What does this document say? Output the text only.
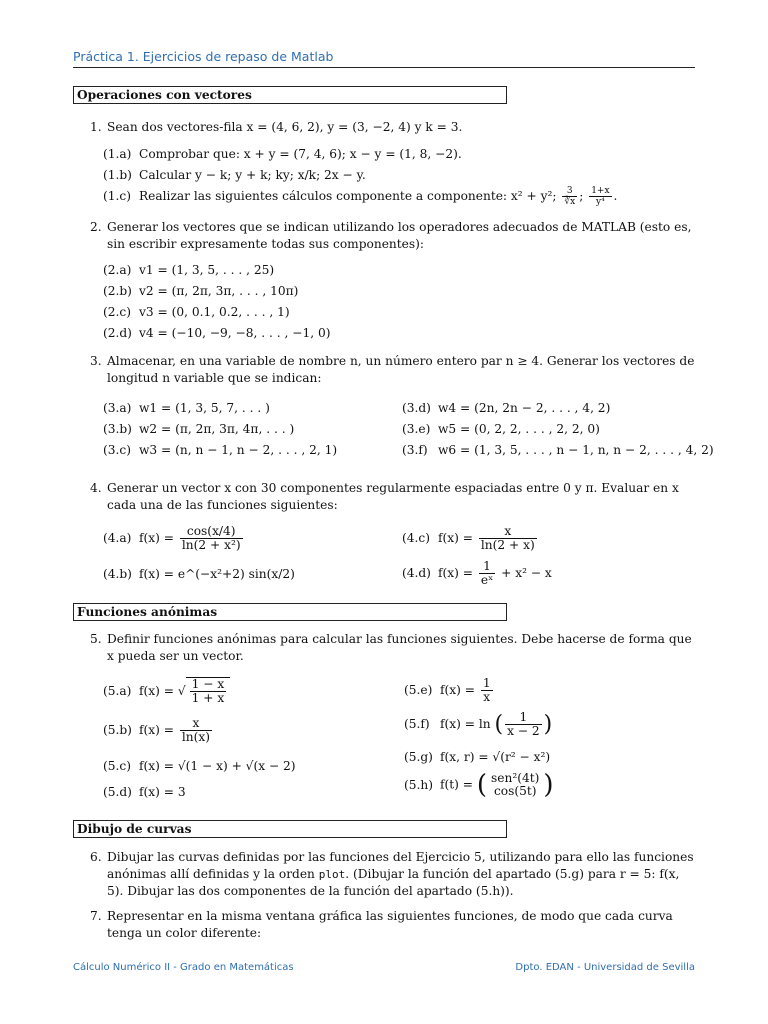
Práctica 1. Ejercicios de repaso de Matlab
Operaciones con vectores
1. Sean dos vectores-fila x = (4, 6, 2), y = (3, −2, 4) y k = 3.
(1.a) Comprobar que: x + y = (7, 4, 6); x − y = (1, 8, −2).
(1.b) Calcular y − k; y + k; ky; x/k; 2x − y.
(1.c) Realizar las siguientes cálculos componente a componente: x² + y²; $\frac{3}{∛x}$ ; $\frac{1+x}{\text{y⁴}}$ .
2. Generar los vectores que se indican utilizando los operadores adecuados de MATLAB (esto es, sin escribir expresamente todas sus componentes):
(2.a) v1 = (1, 3, 5, . . . , 25)
(2.b) v2 = (π, 2π, 3π, . . . , 10π)
(2.c) v3 = (0, 0.1, 0.2, . . . , 1)
(2.d) v4 = (−10, −9, −8, . . . , −1, 0)
3. Almacenar, en una variable de nombre n, un número entero par n ≥ 4. Generar los vectores de longitud n variable que se indican:
(3.a) w1 = (1, 3, 5, 7, . . . )
(3.b) w2 = (π, 2π, 3π, 4π, . . . )
(3.c) w3 = (n, n − 1, n − 2, . . . , 2, 1)
(3.d) w4 = (2n, 2n − 2, . . . , 4, 2)
(3.e) w5 = (0, 2, 2, . . . , 2, 2, 0)
(3.f) w6 = (1, 3, 5, . . . , n − 1, n, n − 2, . . . , 4, 2)
4. Generar un vector x con 30 componentes regularmente espaciadas entre 0 y π. Evaluar en x cada una de las funciones siguientes:
(4.a) $f(x) = \frac{\cos(x/4)}{\text{ln(2 + x²)}}$
(4.b) f(x) = e^(−x²+2) sin(x/2)
(4.c) $f(x) = \frac{x}{\ln(2 + x)}$
(4.d) $f(x) = \frac{1}{\text{eˣ}} + x^2 - x$
Funciones anónimas
5. Definir funciones anónimas para calcular las funciones siguientes. Debe hacerse de forma que x pueda ser un vector.
(5.a) f(x) = √ $\frac{1 - x}{1 + x}$
(5.b) $f(x) = \frac{x}{\ln(x)}$
(5.c) f(x) = √(1 − x) + √(x − 2)
(5.d) f(x) = 3
(5.e) $f(x) = \frac{1}{x}$
(5.f) f(x) = ln ( $\frac{1}{x - 2}$ )
(5.g) f(x, r) = √(r² − x²)
(5.h) f(t) = ( sen²(4t)
cos(5t) )
Dibujo de curvas
6. Dibujar las curvas definidas por las funciones del Ejercicio 5, utilizando para ello las funciones anónimas allí definidas y la orden plot. (Dibujar la función del apartado (5.g) para r = 5: f(x, 5). Dibujar las dos componentes de la función del apartado (5.h)).
7. Representar en la misma ventana gráfica las siguientes funciones, de modo que cada curva tenga un color diferente:
Cálculo Numérico II - Grado en Matemáticas	Dpto. EDAN - Universidad de Sevilla
